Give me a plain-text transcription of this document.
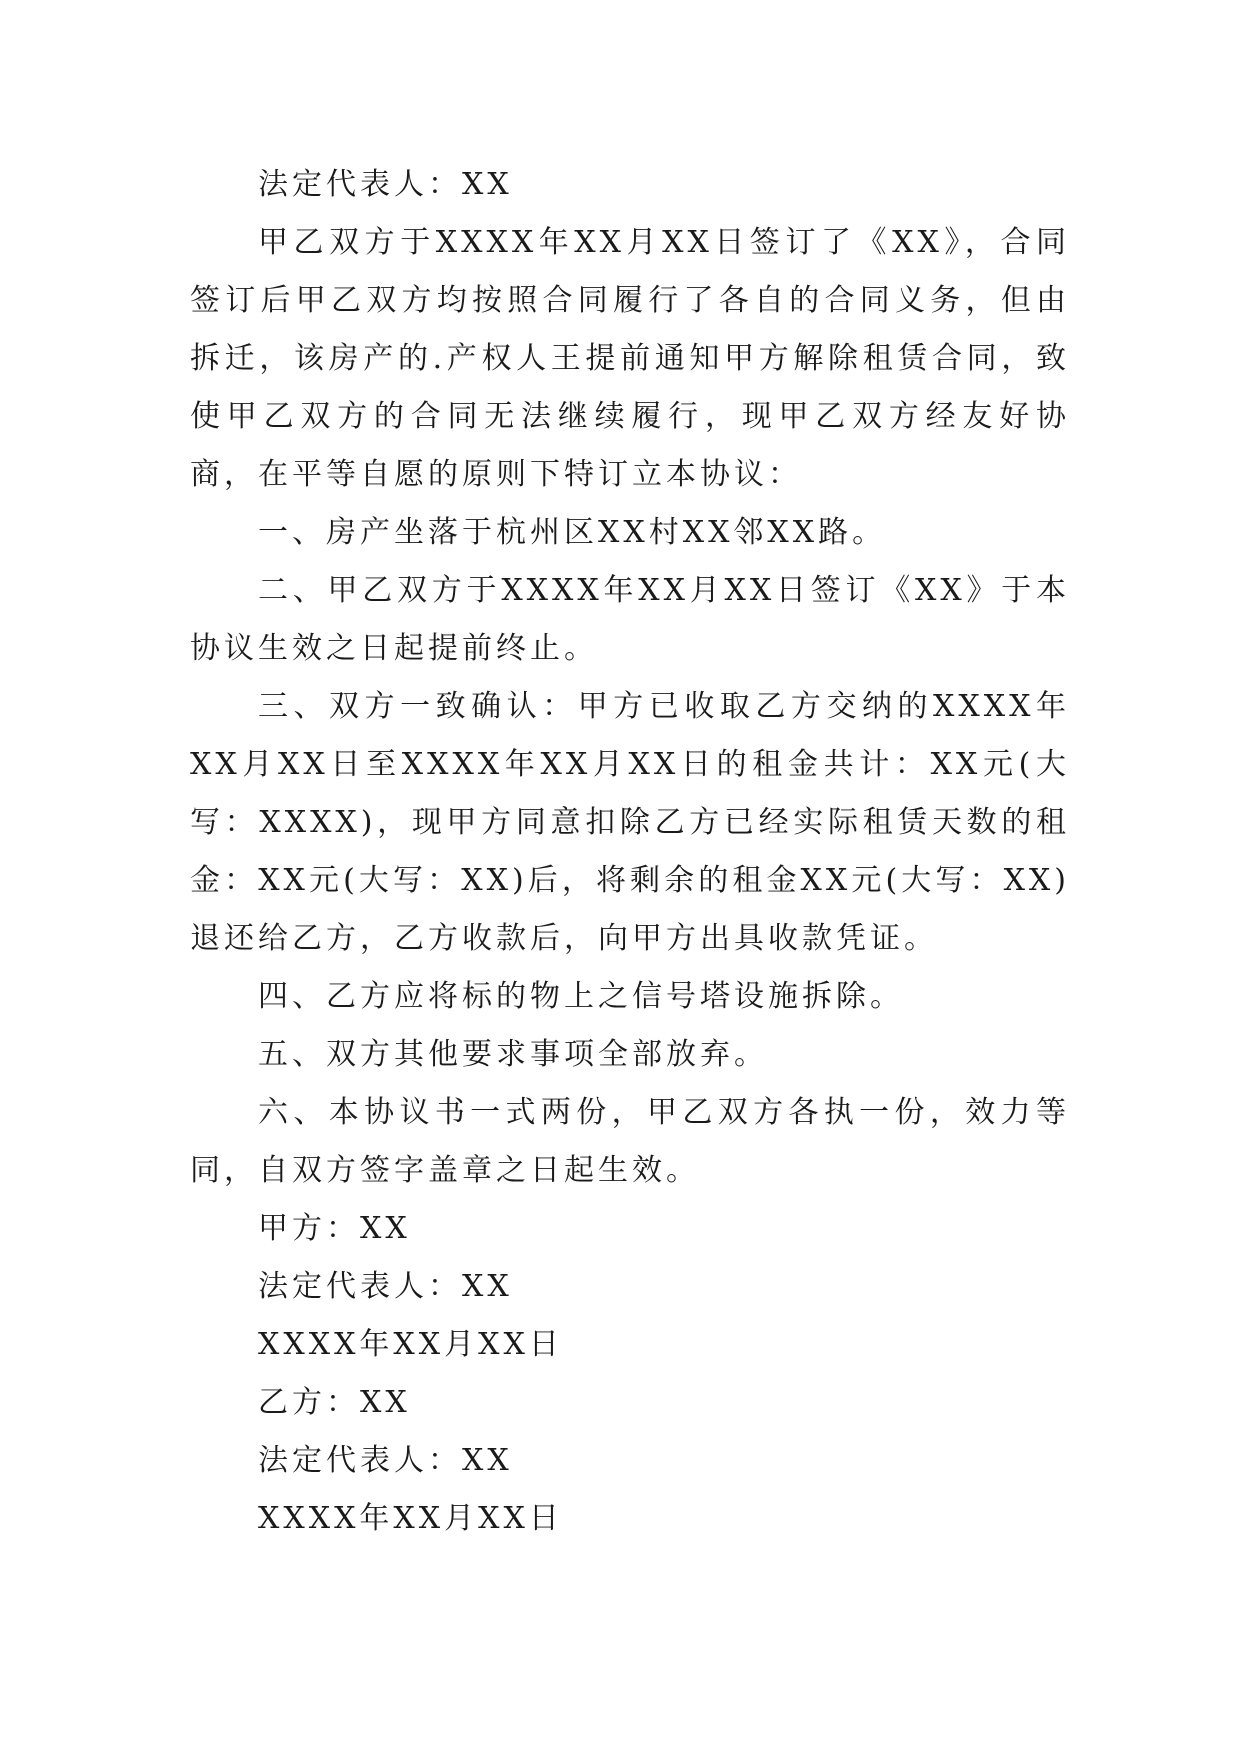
法定代表人：XX

甲乙双方于XXXX年XX月XX日签订了《XX》，合同签订后甲乙双方均按照合同履行了各自的合同义务，但由拆迁，该房产的.产权人王提前通知甲方解除租赁合同，致使甲乙双方的合同无法继续履行，现甲乙双方经友好协商，在平等自愿的原则下特订立本协议：

一、房产坐落于杭州区XX村XX邻XX路。

二、甲乙双方于XXXX年XX月XX日签订《XX》于本协议生效之日起提前终止。

三、双方一致确认：甲方已收取乙方交纳的XXXX年XX月XX日至XXXX年XX月XX日的租金共计：XX元(大写：XXXX)，现甲方同意扣除乙方已经实际租赁天数的租金：XX元(大写：XX)后，将剩余的租金XX元(大写：XX)退还给乙方，乙方收款后，向甲方出具收款凭证。

四、乙方应将标的物上之信号塔设施拆除。

五、双方其他要求事项全部放弃。

六、本协议书一式两份，甲乙双方各执一份，效力等同，自双方签字盖章之日起生效。

甲方：XX

法定代表人：XX

XXXX年XX月XX日

乙方：XX

法定代表人：XX

XXXX年XX月XX日
